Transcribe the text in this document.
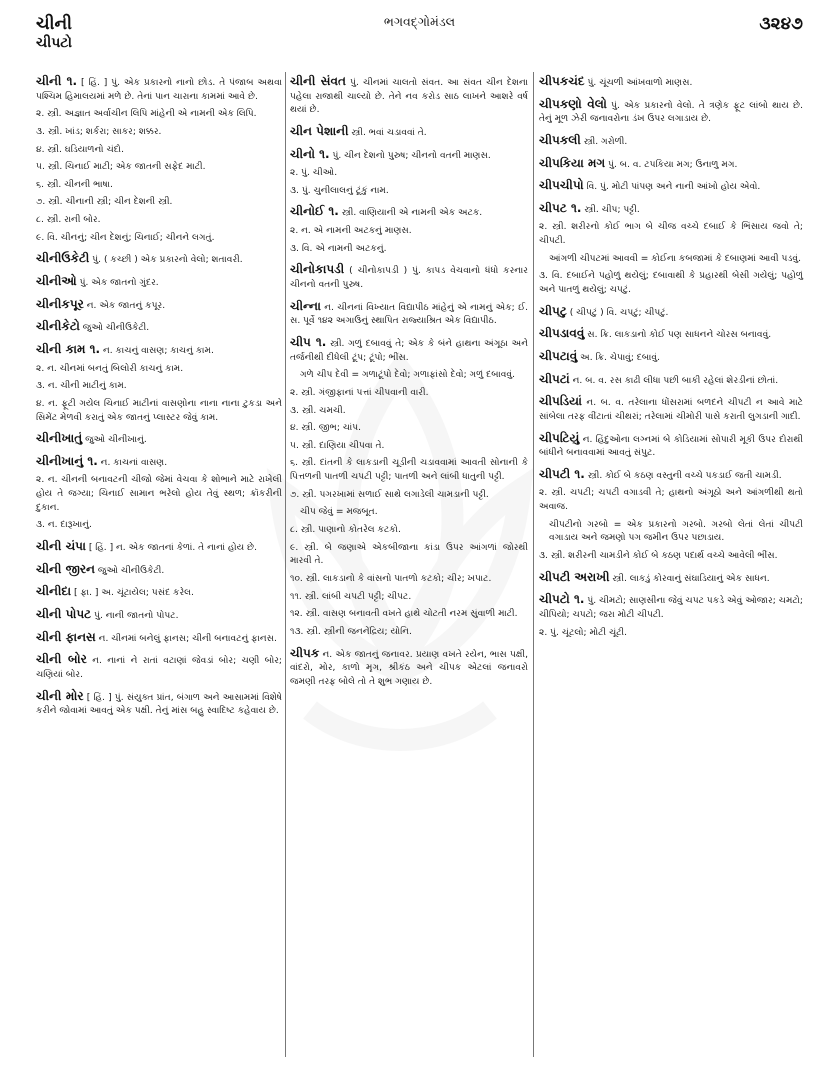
ચીની
ચીપટો
ભગવદ્ગોમંડલ	૩૨૪૭
ચીની ૧. [ હિં. ] પું. એક પ્રકારનો નાનો છોડ. તે પંજાબ અથવા પશ્ચિમ હિમાલયમાં મળે છે. તેનાં પાન ચારાના કામમાં આવે છે.
૨. સ્ત્રી. અજ્ઞાત અર્વાચીન લિપિ માંહેની એ નામની એક લિપિ.
૩. સ્ત્રી. ખાંડ; શર્કરા; સાકર; શક્કર.
૪. સ્ત્રી. ઘડિયાળનો ચંદો.
૫. સ્ત્રી. ચિનાઈ માટી; એક જાતની સફેદ માટી.
૬. સ્ત્રી. ચીનની ભાષા.
૭. સ્ત્રી. ચીનાની સ્ત્રી; ચીન દેશની સ્ત્રી.
૮. સ્ત્રી. રાની બોર.
૯. વિ. ચીનનું; ચીન દેશનું; ચિનાઈ; ચીનને લગતું.
ચીનીઉકેટી પું. ( કચ્છી ) એક પ્રકારનો વેલો; શતાવરી.
ચીનીઓ પું. એક જાતનો ગુંદર.
ચીનીકપૂર ન. એક જાતનું કપૂર.
ચીનીકેટો જુઓ ચીનીઉકેટી.
ચીની કામ ૧. ન. કાચનું વાસણ; કાચનું કામ.
૨. ન. ચીનમાં બનતું બિલોરી કાચનું કામ.
૩. ન. ચીની માટીનું કામ.
૪. ન. ફૂટી ગયેલ ચિનાઈ માટીનાં વાસણોના નાના નાના ટુકડા અને સિમેંટ મેળવી કરાતું એક જાતનું પ્લાસ્ટર જેવું કામ.
ચીનીખાતું જુઓ ચીનીખાનું.
ચીનીખાનું ૧. ન. કાચનાં વાસણ.
૨. ન. ચીનની બનાવટની ચીજો જેમાં વેચવા કે શોભાને માટે રાખેલી હોય તે જગ્યા; ચિનાઈ સામાન ભરેલો હોય તેવું સ્થળ; ક્રૉકરીની દુકાન.
૩. ન. દારૂખાનું.
ચીની ચંપા [ હિં. ] ન. એક જાતનાં કેળાં. તે નાનાં હોય છે.
ચીની જીરન જુઓ ચીનીઉકેટી.
ચીનીદા [ ફા. ] અ. ચૂંટાયેલ; પસંદ કરેલ.
ચીની પોપટ પું. નાની જાતનો પોપટ.
ચીની ફાનસ ન. ચીનમાં બનેલું ફાનસ; ચીની બનાવટનું ફાનસ.
ચીની બોર ન. નાનાં ને રાતાં વટાણાં જેવડાં બોર; ચણી બોર; ચણિયાં બોર.
ચીની મોર [ હિં. ] પું. સંયુક્ત પ્રાંત, બંગાળ અને આસામમાં વિશેષે કરીને જોવામાં આવતું એક પક્ષી. તેનું માંસ બહુ સ્વાદિષ્ટ કહેવાય છે.
ચીની સંવત પું. ચીનમાં ચાલતો સંવત. આ સંવત ચીન દેશના પહેલા રાજાથી ચાલ્યો છે. તેને નવ કરોડ સાઠ લાખને આશરે વર્ષ થયાં છે.
ચીન પેશાની સ્ત્રી. ભવાં ચડાવવાં તે.
ચીનો ૧. પું. ચીન દેશનો પુરુષ; ચીનનો વતની માણસ.
૨. પું. ચીઓ.
૩. પું. ચુનીલાલનું ટૂંકું નામ.
ચીનોઈ ૧. સ્ત્રી. વાણિયાની એ નામની એક અટક.
૨. ન. એ નામની અટકનું માણસ.
૩. વિ. એ નામની અટકનું.
ચીનોકાપડી ( ચીનોકાપડી ) પું. કાપડ વેચવાનો ધંધો કરનાર ચીનનો વતની પુરુષ.
ચીન્ના ન. ચીનનાં વિખ્યાત વિદ્યાપીઠ માંહેનું એ નામનું એક; ઈ. સ. પૂર્વે ૧૪૨ અગાઉનું સ્થાપિત રાજ્યાશ્રિત એક વિદ્યાપીઠ.
ચીપ ૧. સ્ત્રી. ગળું દબાવવું તે; એક કે બંને હાથના અંગૂઠા અને તર્જનીથી દીધેલી ટૂંપ; ટૂંપો; ભીંસ.
ગળે ચીપ દેવી = ગળાટૂંપો દેવો; ગળાફાંસો દેવો; ગળું દબાવવું.
૨. સ્ત્રી. ગંજીફાનાં પત્તાં ચીપવાની વારી.
૩. સ્ત્રી. ચમચી.
૪. સ્ત્રી. જીભ; ચાંપ.
૫. સ્ત્રી. દાણિયા ચીપવા તે.
૬. સ્ત્રી. દાંતની કે લાકડાની ચૂડીની ચડાવવામાં આવતી સોનાની કે પિત્તળની પાતળી ચપટી પટ્ટી; પાતળી અને લાંબી ધાતુની પટ્ટી.
૭. સ્ત્રી. પગરખામાં સળાઈ સાથે લગાડેલી ચામડાની પટ્ટી.
ચીપ જેવું = મજબૂત.
૮. સ્ત્રી. પાણાનો કોતરેલ કટકો.
૯. સ્ત્રી. બે જણાએ એકબીજાના કાંડા ઉપર આંગળાં જોરથી મારવી તે.
૧૦. સ્ત્રી. લાકડાનો કે વાંસનો પાતળો કટકો; ચીર; ખપાટ.
૧૧. સ્ત્રી. લાંબી ચપટી પટ્ટી; ચીપટ.
૧૨. સ્ત્રી. વાસણ બનાવતી વખતે હાથે ચોટતી નરમ સુંવાળી માટી.
૧૩. સ્ત્રી. સ્ત્રીની જનનેંદ્રિય; યોનિ.
ચીપક ન. એક જાતનું જનાવર. પ્રયાણ વખતે રયેન, ભાસ પક્ષી, વાંદરો, મોર, કાળો મૃગ, શ્રીકંઠ અને ચીપક એટલાં જનાવરો જમણી તરફ બોલે તો તે શુભ ગણાય છે.
ચીપકચંદ પું. ચૂંચળી આંખવાળો માણસ.
ચીપકણો વેલો પું. એક પ્રકારનો વેલો. તે ત્રણેક ફૂટ લાંબો થાય છે. તેનું મૂળ ઝેરી જનાવરોના ડંખ ઉપર લગાડાય છે.
ચીપકલી સ્ત્રી. ગરોળી.
ચીપકિયા મગ પું. બ. વ. ટપકિયા મગ; ઉનાળુ મગ.
ચીપચીપો વિ. પું. મોટી પાંપણ અને નાની આંખો હોય એવો.
ચીપટ ૧. સ્ત્રી. ચીપ; પટ્ટી.
૨. સ્ત્રી. શરીરનો કોઈ ભાગ બે ચીજ વચ્ચે દબાઈ કે ભિંસાય જવો તે; ચીપટી.
આંગળી ચીપટમાં આવવી = કોઈના કબજામાં કે દબાણમાં આવી પડવું.
૩. વિ. દબાઈને પહોળું થયેલું; દબાવાથી કે પ્રહારથી બેસી ગયેલું; પહોળું અને પાતળું થયેલું; ચપટું.
ચીપટુ ( ચીપટું ) વિ. ચપટું; ચીપટું.
ચીપડાવવું સ. ક્રિ. લાકડાનો કોઈ પણ સાધનને ચોરસ બનાવવું.
ચીપટાવું અ. ક્રિ. ચેપાવું; દબાવું.
ચીપટાં ન. બ. વ. રસ કાઢી લીધા પછી બાકી રહેલાં શેરડીનાં છોતાં.
ચીપડિયાં ન. બ. વ. તરેલાના ધોંસરામાં બળદને ચીપટી ન આવે માટે સાંબેલા તરફ વીંટાતાં ચીથરાં; તરેલામાં ચીમોરી પાસે કરાતી લુગડાની ગાદી.
ચીપટિયું ન. હિંદુઓના લગ્નમાં બે કોડિયામાં સોપારી મૂકી ઉપર દોરાથી બાંધીને બનાવવામાં આવતું સંપુટ.
ચીપટી ૧. સ્ત્રી. કોઈ બે કઠણ વસ્તુની વચ્ચે પકડાઈ જતી ચામડી.
૨. સ્ત્રી. ચપટી; ચપટી વગાડવી તે; હાથનો અંગૂઠો અને આંગળીથી થતો અવાજ.
ચીપટીનો ગરબો = એક પ્રકારનો ગરબો. ગરબો લેતાં લેતાં ચીપટી વગાડાય અને જમણો પગ જમીન ઉપર પછાડાય.
૩. સ્ત્રી. શરીરની ચામડીને કોઈ બે કઠણ પદાર્થ વચ્ચે આવેલી ભીંસ.
ચીપટી અરાખી સ્ત્રી. લાકડું કોરવાનું સંઘાડિયાનું એક સાધન.
ચીપટો ૧. પું. ચીમટો; સાણસીના જેવું ચપટ પકડે એવું ઓજાર; ચમટો; ચીપિયો; ચપટો; જરા મોટી ચીપટી.
૨. પું. ચૂંટલો; મોટી ચૂંટી.
